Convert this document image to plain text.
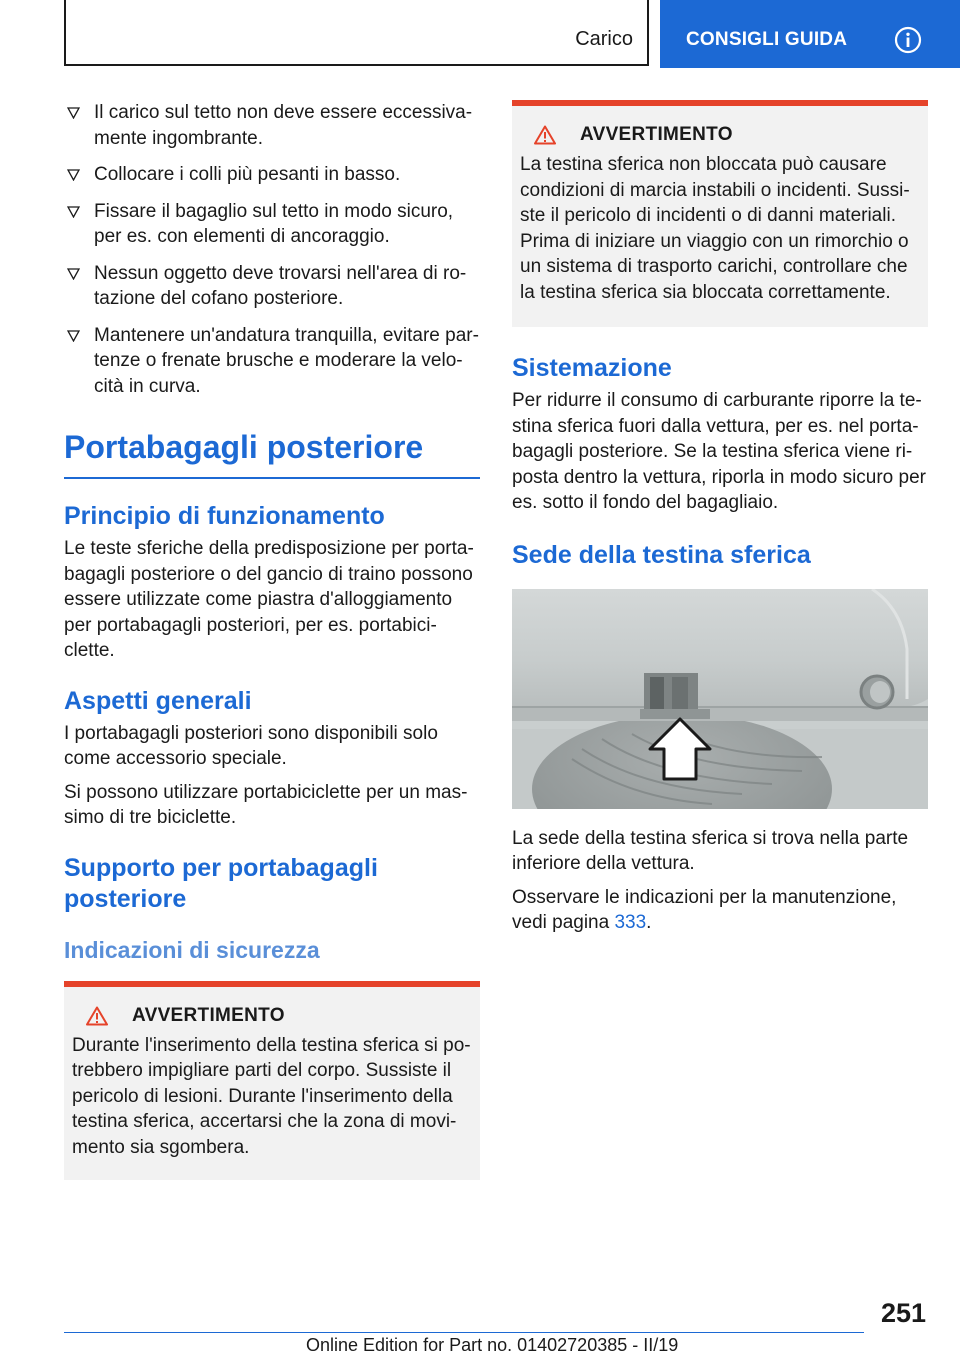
Carico	CONSIGLI GUIDA
Il carico sul tetto non deve essere eccessiva-mente ingombrante.
Collocare i colli più pesanti in basso.
Fissare il bagaglio sul tetto in modo sicuro, per es. con elementi di ancoraggio.
Nessun oggetto deve trovarsi nell'area di ro-tazione del cofano posteriore.
Mantenere un'andatura tranquilla, evitare par-tenze o frenate brusche e moderare la velo-cità in curva.
Portabagagli posteriore
Principio di funzionamento

Le teste sferiche della predisposizione per porta-bagagli posteriore o del gancio di traino possono essere utilizzate come piastra d'alloggiamento per portabagagli posteriori, per es. portabici-clette.

Aspetti generali

I portabagagli posteriori sono disponibili solo come accessorio speciale.

Si possono utilizzare portabiciclette per un mas-simo di tre biciclette.

Supporto per portabagagli posteriore
Indicazioni di sicurezza
AVVERTIMENTO

Durante l'inserimento della testina sferica si po-trebbero impigliare parti del corpo. Sussiste il pericolo di lesioni. Durante l'inserimento della testina sferica, accertarsi che la zona di movi-mento sia sgombera.

AVVERTIMENTO

La testina sferica non bloccata può causare condizioni di marcia instabili o incidenti. Sussi-ste il pericolo di incidenti o di danni materiali. Prima di iniziare un viaggio con un rimorchio o un sistema di trasporto carichi, controllare che la testina sferica sia bloccata correttamente.

Sistemazione

Per ridurre il consumo di carburante riporre la te-stina sferica fuori dalla vettura, per es. nel porta-bagagli posteriore. Se la testina sferica viene ri-posta dentro la vettura, riporla in modo sicuro per es. sotto il fondo del bagagliaio.

Sede della testina sferica

La sede della testina sferica si trova nella parte inferiore della vettura.

Osservare le indicazioni per la manutenzione, vedi pagina 333.

251
Online Edition for Part no. 01402720385 - II/19
